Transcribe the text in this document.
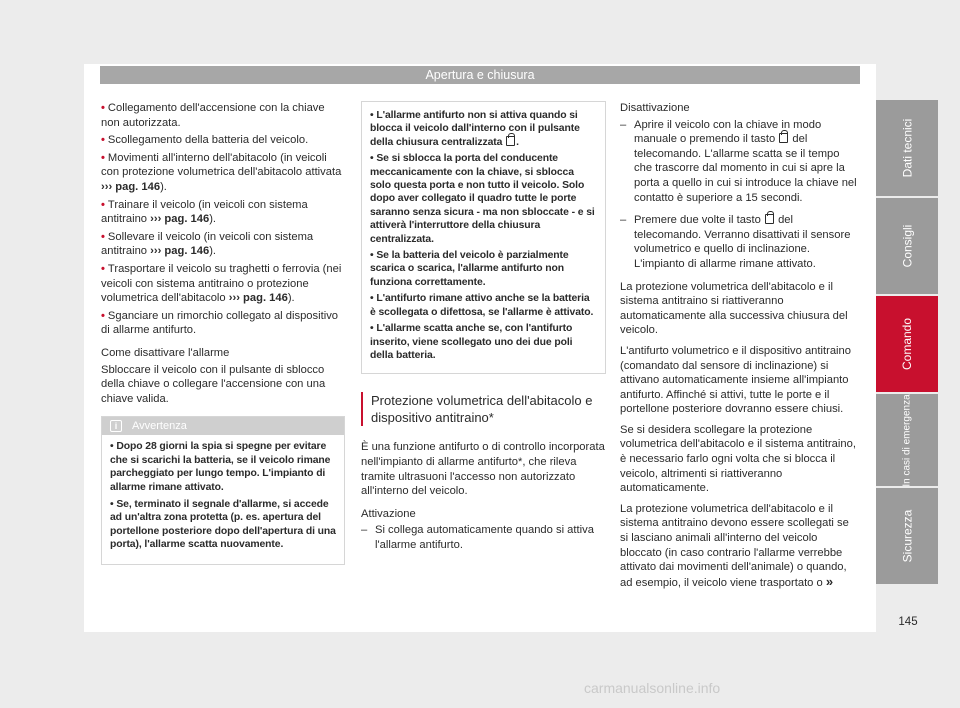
Apertura e chiusura

• Collegamento dell'accensione con la chiave non autorizzata.

• Scollegamento della batteria del veicolo.

• Movimenti all'interno dell'abitacolo (in veicoli con protezione volumetrica dell'abitacolo attivata ››› pag. 146).

• Trainare il veicolo (in veicoli con sistema antitraino ››› pag. 146).

• Sollevare il veicolo (in veicoli con sistema antitraino ››› pag. 146).

• Trasportare il veicolo su traghetti o ferrovia (nei veicoli con sistema antitraino o protezione volumetrica dell'abitacolo ››› pag. 146).

• Sganciare un rimorchio collegato al dispositivo di allarme antifurto.

Come disattivare l'allarme

Sbloccare il veicolo con il pulsante di sblocco della chiave o collegare l'accensione con una chiave valida.

i	Avvertenza

• Dopo 28 giorni la spia si spegne per evitare che si scarichi la batteria, se il veicolo rimane parcheggiato per lungo tempo. L'impianto di allarme rimane attivato.

• Se, terminato il segnale d'allarme, si accede ad un'altra zona protetta (p. es. apertura del portellone posteriore dopo dell'apertura di una porta), l'allarme scatta nuovamente.

• L'allarme antifurto non si attiva quando si blocca il veicolo dall'interno con il pulsante della chiusura centralizzata .

• Se si sblocca la porta del conducente meccanicamente con la chiave, si sblocca solo questa porta e non tutto il veicolo. Solo dopo aver collegato il quadro tutte le porte saranno senza sicura - ma non sbloccate - e si attiverà l'interruttore della chiusura centralizzata.

• Se la batteria del veicolo è parzialmente scarica o scarica, l'allarme antifurto non funziona correttamente.

• L'antifurto rimane attivo anche se la batteria è scollegata o difettosa, se l'allarme è attivato.

• L'allarme scatta anche se, con l'antifurto inserito, viene scollegato uno dei due poli della batteria.

Protezione volumetrica dell'abitacolo e dispositivo antitraino*

È una funzione antifurto o di controllo incorporata nell'impianto di allarme antifurto*, che rileva tramite ultrasuoni l'accesso non autorizzato all'interno del veicolo.

Attivazione

– Si collega automaticamente quando si attiva l'allarme antifurto.

Disattivazione

– Aprire il veicolo con la chiave in modo manuale o premendo il tasto  del telecomando. L'allarme scatta se il tempo che trascorre dal momento in cui si apre la porta a quello in cui si introduce la chiave nel contatto è superiore a 15 secondi.

– Premere due volte il tasto  del telecomando. Verranno disattivati il sensore volumetrico e quello di inclinazione. L'impianto di allarme rimane attivato.

La protezione volumetrica dell'abitacolo e il sistema antitraino si riattiveranno automaticamente alla successiva chiusura del veicolo.

L'antifurto volumetrico e il dispositivo antitraino (comandato dal sensore di inclinazione) si attivano automaticamente insieme all'impianto antifurto. Affinché si attivi, tutte le porte e il portellone posteriore dovranno essere chiusi.

Se si desidera scollegare la protezione volumetrica dell'abitacolo e il sistema antitraino, è necessario farlo ogni volta che si blocca il veicolo, altrimenti si riattiveranno automaticamente.

La protezione volumetrica dell'abitacolo e il sistema antitraino devono essere scollegati se si lasciano animali all'interno del veicolo bloccato (in caso contrario l'allarme verrebbe attivato dai movimenti dell'animale) o quando, ad esempio, il veicolo viene trasportato o »

Dati tecnici
Consigli
Comando
In casi di emergenza
Sicurezza
145
carmanualsonline.info
